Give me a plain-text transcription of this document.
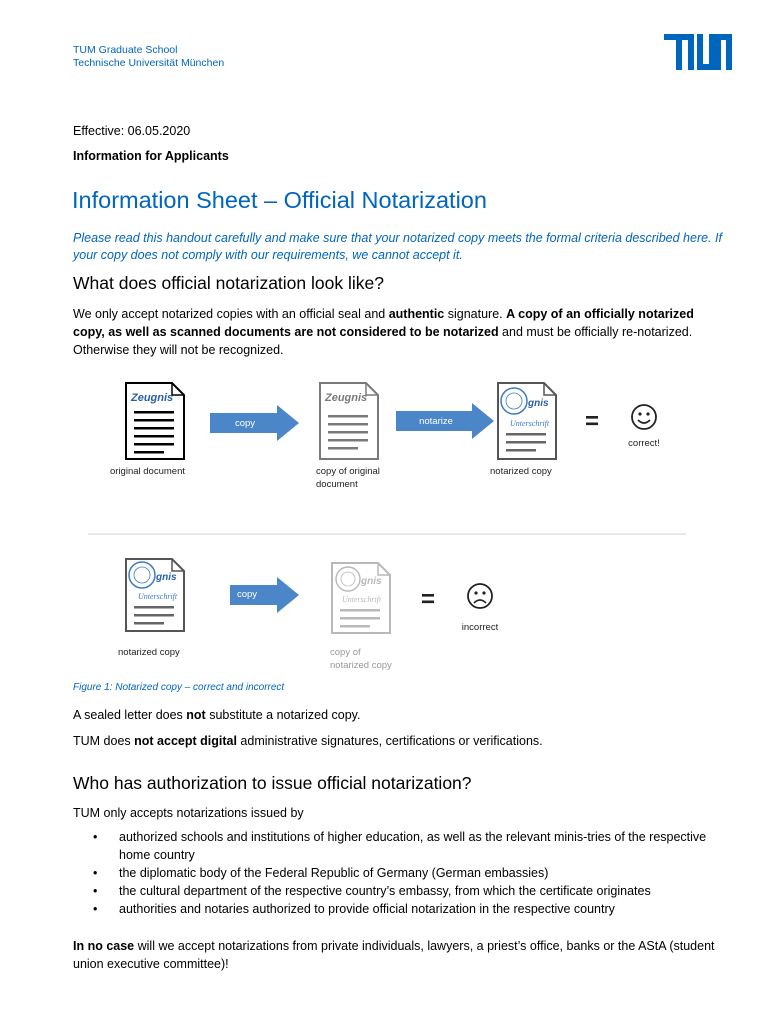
TUM Graduate School
Technische Universität München
Effective: 06.05.2020
Information for Applicants
Information Sheet – Official Notarization
Please read this handout carefully and make sure that your notarized copy meets the formal criteria described here. If your copy does not comply with our requirements, we cannot accept it.
What does official notarization look like?
We only accept notarized copies with an official seal and authentic signature. A copy of an officially notarized copy, as well as scanned documents are not considered to be notarized and must be officially re-notarized. Otherwise they will not be recognized.
Zeugnis
original document
copy
Zeugnis
copy of original
document
notarize
gnis
Unterschrift
notarized copy
=
correct!
gnis
Unterschrift
notarized copy
copy
gnis
Unterschrift
copy of
notarized copy
=
incorrect
Figure 1: Notarized copy – correct and incorrect
A sealed letter does not substitute a notarized copy.
TUM does not accept digital administrative signatures, certifications or verifications.
Who has authorization to issue official notarization?
TUM only accepts notarizations issued by
• authorized schools and institutions of higher education, as well as the relevant minis-tries of the respective home country
• the diplomatic body of the Federal Republic of Germany (German embassies)
• the cultural department of the respective country’s embassy, from which the certificate originates
• authorities and notaries authorized to provide official notarization in the respective country
In no case will we accept notarizations from private individuals, lawyers, a priest’s office, banks or the AStA (student union executive committee)!
